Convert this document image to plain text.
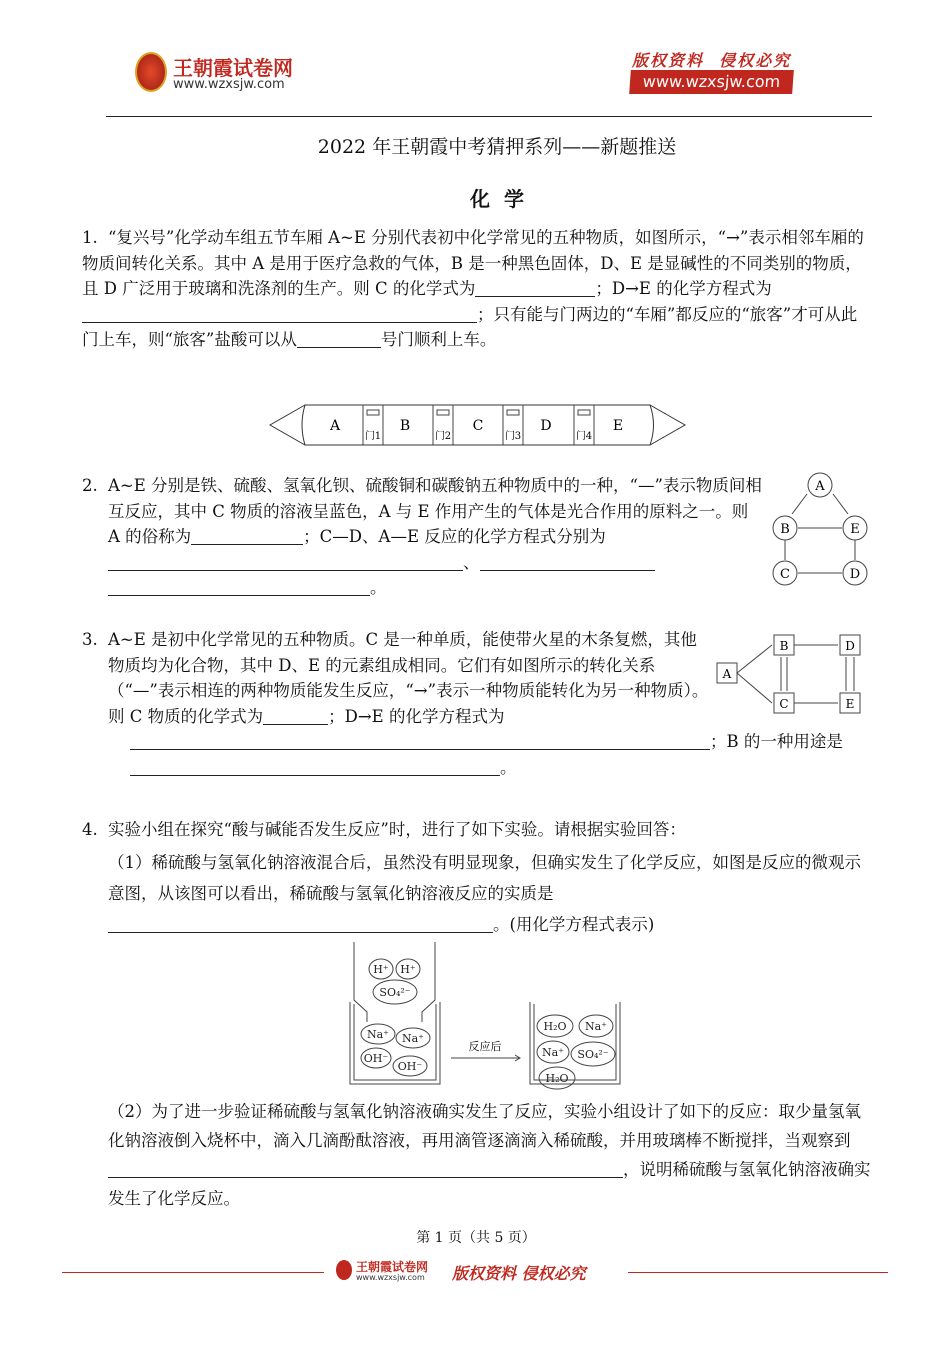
王朝霞试卷网
www.wzxsjw.com
版权资料  侵权必究
www.wzxsjw.com
2022 年王朝霞中考猜押系列——新题推送
化  学
1. “复兴号”化学动车组五节车厢 A~E 分别代表初中化学常见的五种物质，如图所示，“→”表示相邻车厢的物质间转化关系。其中 A 是用于医疗急救的气体，B 是一种黑色固体，D、E 是显碱性的不同类别的物质，且 D 广泛用于玻璃和洗涤剂的生产。则 C 的化学式为	；D→E 的化学方程式为；只有能与门两边的“车厢”都反应的“旅客”才可从此门上车，则“旅客”盐酸可以从	号门顺利上车。
A	B	C	D	E
门1	门2	门3	门4
2. A~E 分别是铁、硫酸、氢氧化钡、硫酸铜和碳酸钠五种物质中的一种，“—”表示物质间相互反应，其中 C 物质的溶液呈蓝色，A 与 E 作用产生的气体是光合作用的原料之一。则 A 的俗称为	；C—D、A—E 反应的化学方程式分别为、
。
A
B	E
C	D
3. A~E 是初中化学常见的五种物质。C 是一种单质，能使带火星的木条复燃，其他物质均为化合物，其中 D、E 的元素组成相同。它们有如图所示的转化关系（“—”表示相连的两种物质能发生反应，“→”表示一种物质能转化为另一种物质）。则 C 物质的化学式为	；D→E 的化学方程式为
；B 的一种用途是。
A
B
C
D
E
4. 实验小组在探究“酸与碱能否发生反应”时，进行了如下实验。请根据实验回答：
（1）稀硫酸与氢氧化钠溶液混合后，虽然没有明显现象，但确实发生了化学反应，如图是反应的微观示意图，从该图可以看出，稀硫酸与氢氧化钠溶液反应的实质是
。(用化学方程式表示)
H⁺ H⁺
SO₄²⁻
Na⁺ Na⁺
OH⁻
OH⁻
H₂O Na⁺
Na⁺ SO₄²⁻
H₂O
反应后
（2）为了进一步验证稀硫酸与氢氧化钠溶液确实发生了反应，实验小组设计了如下的反应：取少量氢氧化钠溶液倒入烧杯中，滴入几滴酚酞溶液，再用滴管逐滴滴入稀硫酸，并用玻璃棒不断搅拌，当观察到，说明稀硫酸与氢氧化钠溶液确实发生了化学反应。
第 1 页（共 5 页）
王朝霞试卷网
www.wzxsjw.com 版权资料 侵权必究
